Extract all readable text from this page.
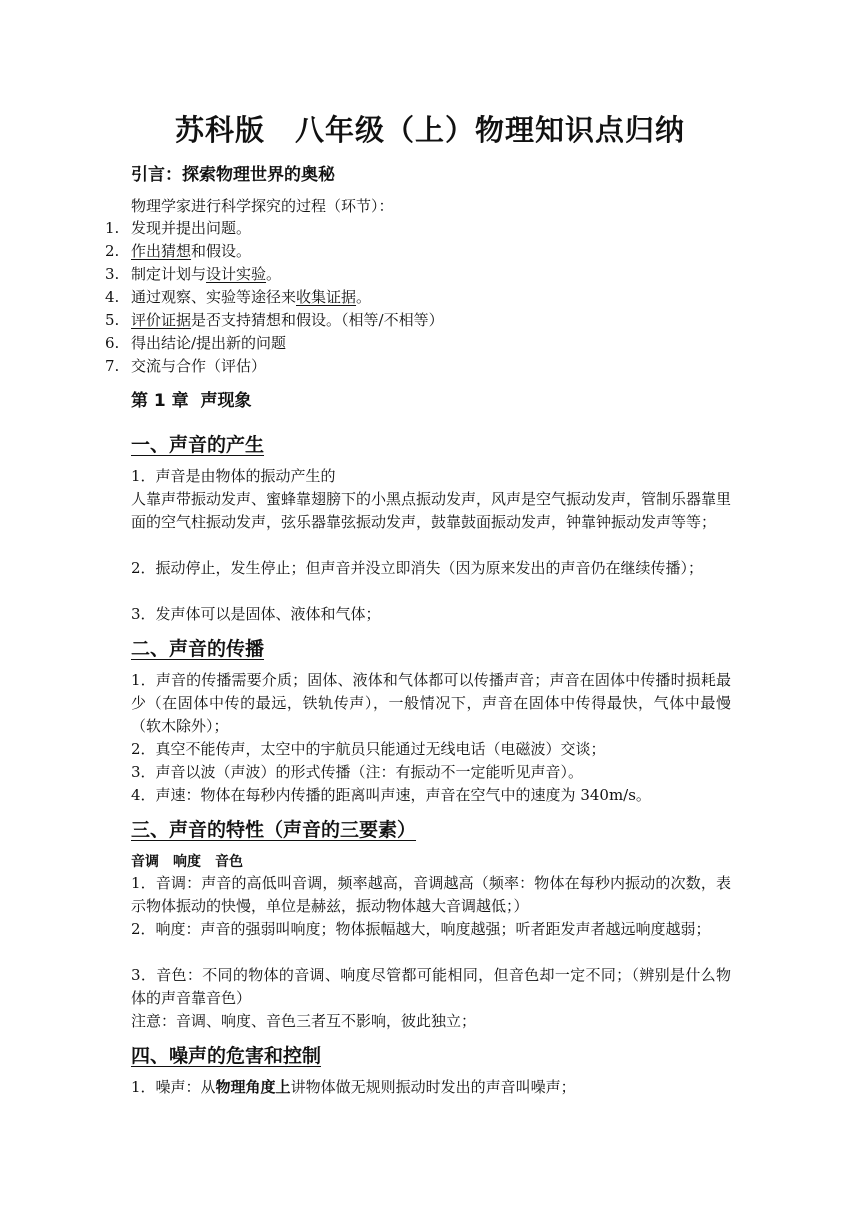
苏科版　八年级（上）物理知识点归纳
引言：探索物理世界的奥秘
物理学家进行科学探究的过程（环节）：
1. 发现并提出问题。
2. 作出猜想和假设。
3. 制定计划与设计实验。
4. 通过观察、实验等途径来收集证据。
5. 评价证据是否支持猜想和假设。（相等/不相等）
6. 得出结论/提出新的问题
7. 交流与合作（评估）
第 1 章  声现象
一、声音的产生
1．声音是由物体的振动产生的
人靠声带振动发声、蜜蜂靠翅膀下的小黑点振动发声，风声是空气振动发声，管制乐器靠里面的空气柱振动发声，弦乐器靠弦振动发声，鼓靠鼓面振动发声，钟靠钟振动发声等等；
2．振动停止，发生停止；但声音并没立即消失（因为原来发出的声音仍在继续传播）；
3．发声体可以是固体、液体和气体；
二、声音的传播
1．声音的传播需要介质；固体、液体和气体都可以传播声音；声音在固体中传播时损耗最少（在固体中传的最远，铁轨传声），一般情况下，声音在固体中传得最快，气体中最慢（软木除外）；
2．真空不能传声，太空中的宇航员只能通过无线电话（电磁波）交谈；
3．声音以波（声波）的形式传播（注：有振动不一定能听见声音）。
4．声速：物体在每秒内传播的距离叫声速，声音在空气中的速度为 340m/s。
三、声音的特性（声音的三要素）
音调　响度　音色
1．音调：声音的高低叫音调，频率越高，音调越高（频率：物体在每秒内振动的次数，表示物体振动的快慢，单位是赫兹，振动物体越大音调越低；）
2．响度：声音的强弱叫响度；物体振幅越大，响度越强；听者距发声者越远响度越弱；
3．音色：不同的物体的音调、响度尽管都可能相同，但音色却一定不同；（辨别是什么物体的声音靠音色）
注意：音调、响度、音色三者互不影响，彼此独立；
四、噪声的危害和控制
1．噪声：从物理角度上讲物体做无规则振动时发出的声音叫噪声；
